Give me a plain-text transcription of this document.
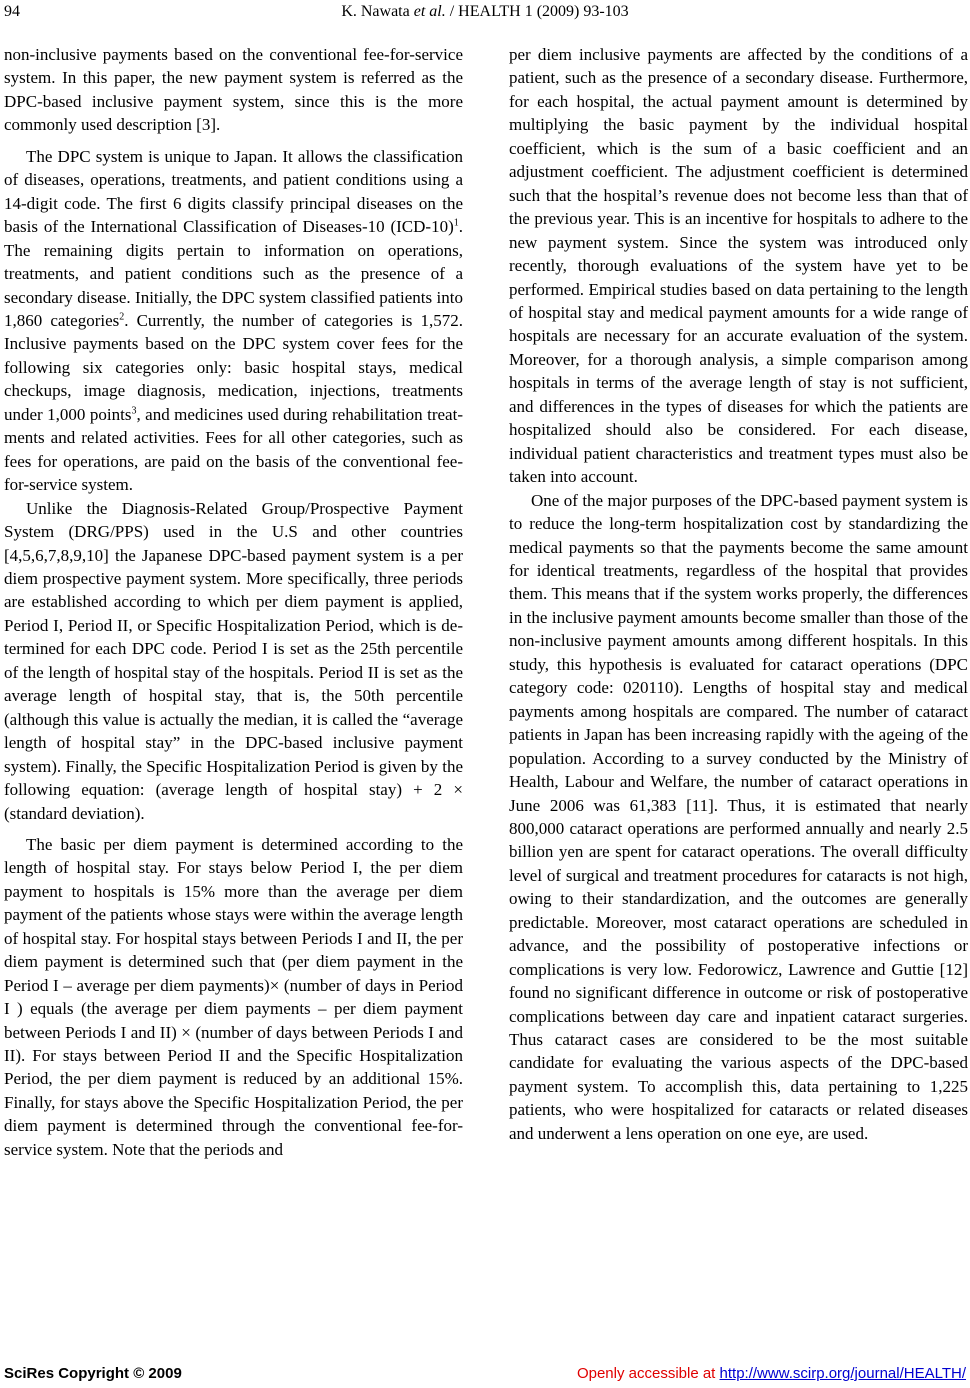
94	K. Nawata et al. / HEALTH 1 (2009) 93-103

non-inclusive payments based on the conventional fee-for-service system. In this paper, the new payment system is referred as the DPC-based inclusive payment system, since this is the more commonly used description [3].

The DPC system is unique to Japan. It allows the classification of diseases, operations, treatments, and patient conditions using a 14-digit code. The first 6 digits classify principal diseases on the basis of the International Classification of Diseases-10 $(ICD-10)^1$. The remaining digits pertain to information on operations, treatments, and patient conditions such as the presence of a secondary disease. Initially, the DPC system classified patients into 1,860 categories$^2$. Currently, the number of categories is 1,572. Inclusive payments based on the DPC system cover fees for the following six categories only: basic hospital stays, medical checkups, image diagnosis, medication, injections, treatments under 1,000 points$^3$, and medicines used during rehabilitation treatments and related activities. Fees for all other categories, such as fees for operations, are paid on the basis of the conventional fee-for-service system.

Unlike the Diagnosis-Related Group/Prospective Payment System (DRG/PPS) used in the U.S and other countries [4,5,6,7,8,9,10] the Japanese DPC-based payment system is a per diem prospective payment system. More specifically, three periods are established according to which per diem payment is applied, Period I, Period II, or Specific Hospitalization Period, which is determined for each DPC code. Period I is set as the 25th percentile of the length of hospital stay of the hospitals. Period II is set as the average length of hospital stay, that is, the 50th percentile (although this value is actually the median, it is called the “average length of hospital stay” in the DPC-based inclusive payment system). Finally, the Specific Hospitalization Period is given by the following equation: (average length of hospital stay) + 2 × (standard deviation).

The basic per diem payment is determined according to the length of hospital stay. For stays below Period I, the per diem payment to hospitals is 15% more than the average per diem payment of the patients whose stays were within the average length of hospital stay. For hospital stays between Periods I and II, the per diem payment is determined such that (per diem payment in the Period I – average per diem payments)× (number of days in Period I ) equals (the average per diem payments – per diem payment between Periods I and II) × (number of days between Periods I and II). For stays between Period II and the Specific Hospitalization Period, the per diem payment is reduced by an additional 15%. Finally, for stays above the Specific Hospitalization Period, the per diem payment is determined through the conventional fee-for-service system. Note that the periods and

per diem inclusive payments are affected by the conditions of a patient, such as the presence of a secondary disease. Furthermore, for each hospital, the actual payment amount is determined by multiplying the basic payment by the individual hospital coefficient, which is the sum of a basic coefficient and an adjustment coefficient. The adjustment coefficient is determined such that the hospital’s revenue does not become less than that of the previous year. This is an incentive for hospitals to adhere to the new payment system. Since the system was introduced only recently, thorough evaluations of the system have yet to be performed. Empirical studies based on data pertaining to the length of hospital stay and medical payment amounts for a wide range of hospitals are necessary for an accurate evaluation of the system. Moreover, for a thorough analysis, a simple comparison among hospitals in terms of the average length of stay is not sufficient, and differences in the types of diseases for which the patients are hospitalized should also be considered. For each disease, individual patient characteristics and treatment types must also be taken into account.

One of the major purposes of the DPC-based payment system is to reduce the long-term hospitalization cost by standardizing the medical payments so that the payments become the same amount for identical treatments, regardless of the hospital that provides them. This means that if the system works properly, the differences in the inclusive payment amounts become smaller than those of the non-inclusive payment amounts among different hospitals. In this study, this hypothesis is evaluated for cataract operations (DPC category code: 020110). Lengths of hospital stay and medical payments among hospitals are compared. The number of cataract patients in Japan has been increasing rapidly with the ageing of the population. According to a survey conducted by the Ministry of Health, Labour and Welfare, the number of cataract operations in June 2006 was 61,383 [11]. Thus, it is estimated that nearly 800,000 cataract operations are performed annually and nearly 2.5 billion yen are spent for cataract operations. The overall difficulty level of surgical and treatment procedures for cataracts is not high, owing to their standardization, and the outcomes are generally predictable. Moreover, most cataract operations are scheduled in advance, and the possibility of postoperative infections or complications is very low. Fedorowicz, Lawrence and Guttie [12] found no significant difference in outcome or risk of postoperative complications between day care and inpatient cataract surgeries. Thus cataract cases are considered to be the most suitable candidate for evaluating the various aspects of the DPC-based payment system. To accomplish this, data pertaining to 1,225 patients, who were hospitalized for cataracts or related diseases and underwent a lens operation on one eye, are used.

SciRes Copyright © 2009	Openly accessible at http://www.scirp.org/journal/HEALTH/
